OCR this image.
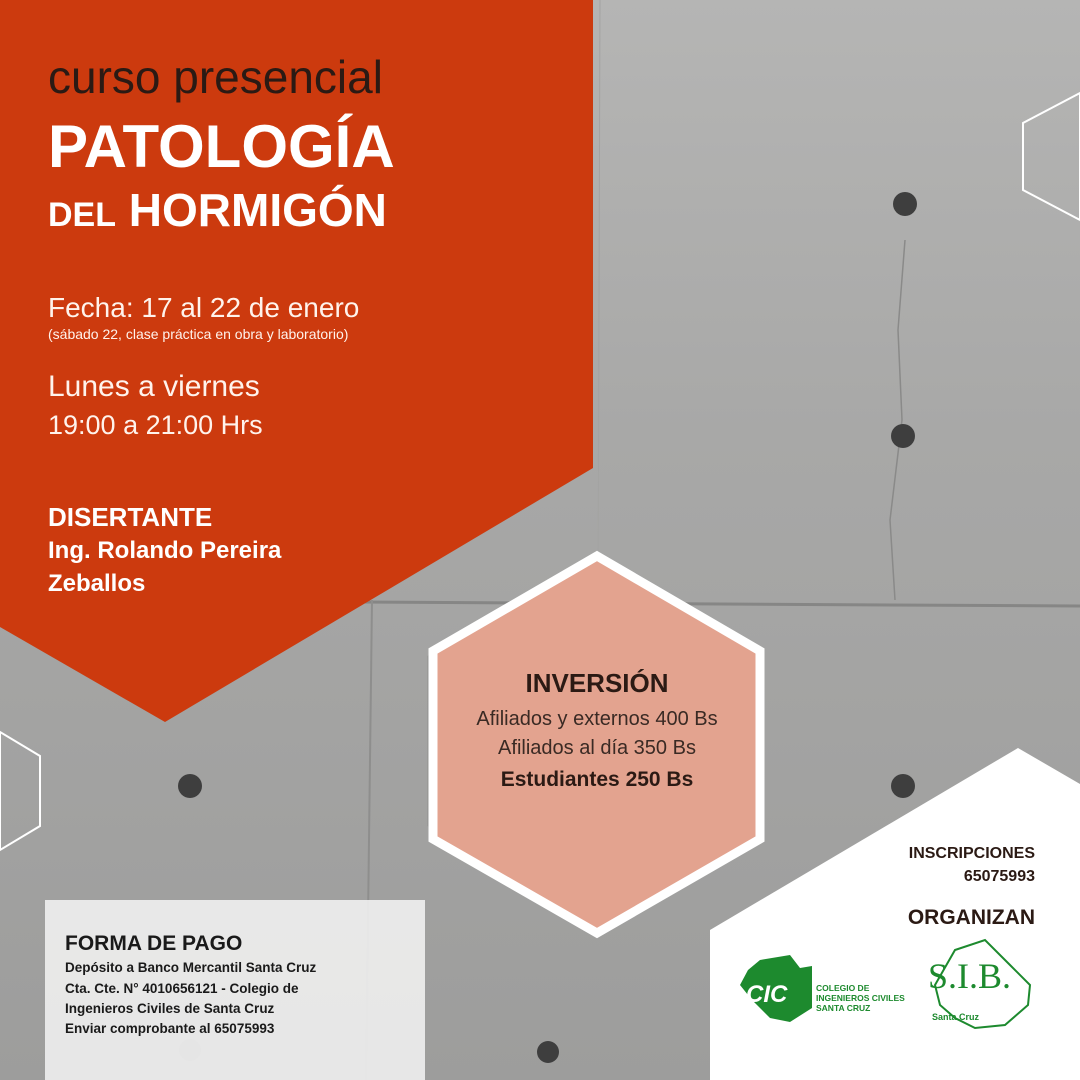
CIC
curso presencial
PATOLOGÍA
DEL HORMIGÓN

Fecha: 17 al 22 de enero

(sábado 22, clase práctica en obra y laboratorio)

Lunes a viernes

19:00 a 21:00 Hrs

DISERTANTE

Ing. Rolando Pereira

Zeballos

INVERSIÓN

Afiliados y externos 400 Bs

Afiliados al día 350 Bs

Estudiantes 250 Bs

FORMA DE PAGO

Depósito a Banco Mercantil Santa Cruz

Cta. Cte. N° 4010656121 - Colegio de

Ingenieros Civiles de Santa Cruz

Enviar comprobante al 65075993

INSCRIPCIONES

65075993

ORGANIZAN

COLEGIO DE INGENIEROS CIVILES SANTA CRUZ

S.I.B.

Santa Cruz
